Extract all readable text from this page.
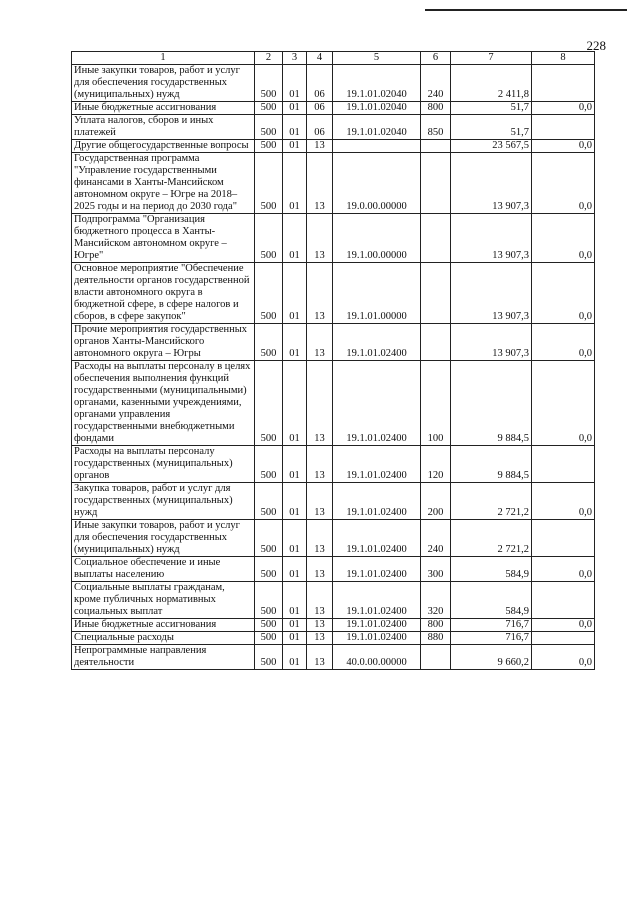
228
1	2	3	4	5	6	7	8
Иные закупки товаров, работ и услуг для обеспечения государственных (муниципальных) нужд	500	01	06	19.1.01.02040	240	2 411,8	
Иные бюджетные ассигнования	500	01	06	19.1.01.02040	800	51,7	0,0
Уплата налогов, сборов и иных платежей	500	01	06	19.1.01.02040	850	51,7	
Другие общегосударственные вопросы	500	01	13			23 567,5	0,0
Государственная программа "Управление государственными финансами в Ханты-Мансийском автономном округе – Югре на 2018–2025 годы и на период до 2030 года"	500	01	13	19.0.00.00000		13 907,3	0,0
Подпрограмма "Организация бюджетного процесса в Ханты-Мансийском автономном округе – Югре"	500	01	13	19.1.00.00000		13 907,3	0,0
Основное мероприятие "Обеспечение деятельности органов государственной власти автономного округа в бюджетной сфере, в сфере налогов и сборов, в сфере закупок"	500	01	13	19.1.01.00000		13 907,3	0,0
Прочие мероприятия государственных органов Ханты-Мансийского автономного округа – Югры	500	01	13	19.1.01.02400		13 907,3	0,0
Расходы на выплаты персоналу в целях обеспечения выполнения функций государственными (муниципальными) органами, казенными учреждениями, органами управления государственными внебюджетными фондами	500	01	13	19.1.01.02400	100	9 884,5	0,0
Расходы на выплаты персоналу государственных (муниципальных) органов	500	01	13	19.1.01.02400	120	9 884,5	
Закупка товаров, работ и услуг для государственных (муниципальных) нужд	500	01	13	19.1.01.02400	200	2 721,2	0,0
Иные закупки товаров, работ и услуг для обеспечения государственных (муниципальных) нужд	500	01	13	19.1.01.02400	240	2 721,2	
Социальное обеспечение и иные выплаты населению	500	01	13	19.1.01.02400	300	584,9	0,0
Социальные выплаты гражданам, кроме публичных нормативных социальных выплат	500	01	13	19.1.01.02400	320	584,9	
Иные бюджетные ассигнования	500	01	13	19.1.01.02400	800	716,7	0,0
Специальные расходы	500	01	13	19.1.01.02400	880	716,7	
Непрограммные направления деятельности	500	01	13	40.0.00.00000		9 660,2	0,0
